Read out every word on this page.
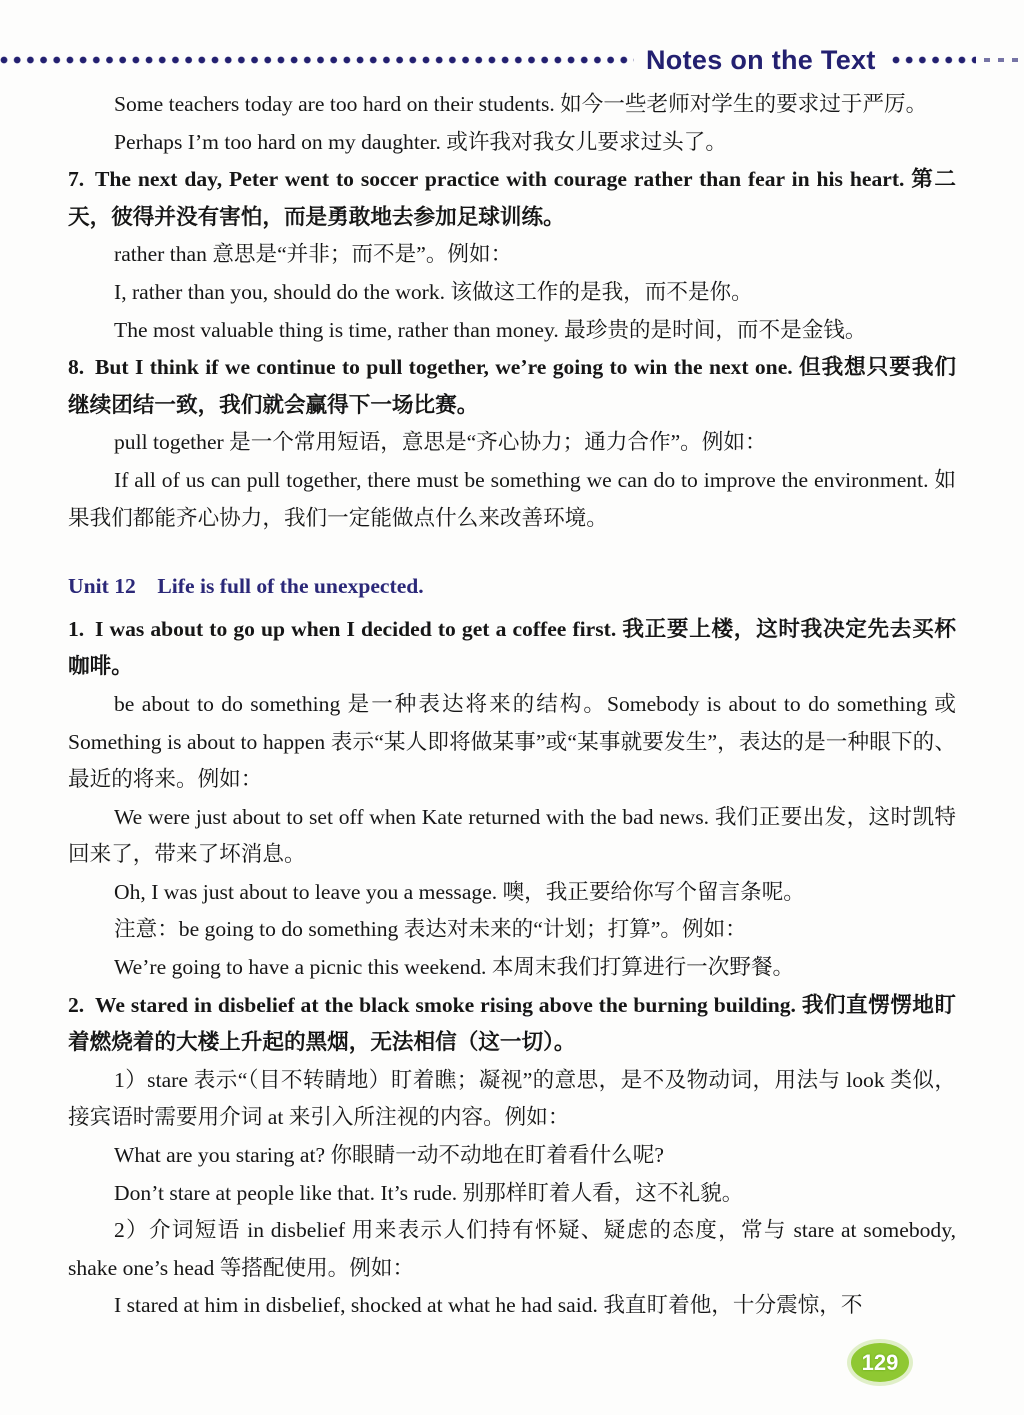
Notes on the Text

Some teachers today are too hard on their students. 如今一些老师对学生的要求过于严厉。

Perhaps I’m too hard on my daughter. 或许我对我女儿要求过头了。

7. The next day, Peter went to soccer practice with courage rather than fear in his heart. 第二天，彼得并没有害怕，而是勇敢地去参加足球训练。

rather than 意思是“并非；而不是”。例如：

I, rather than you, should do the work. 该做这工作的是我，而不是你。

The most valuable thing is time, rather than money. 最珍贵的是时间，而不是金钱。

8. But I think if we continue to pull together, we’re going to win the next one. 但我想只要我们继续团结一致，我们就会赢得下一场比赛。

pull together 是一个常用短语，意思是“齐心协力；通力合作”。例如：

If all of us can pull together, there must be something we can do to improve the environment. 如果我们都能齐心协力，我们一定能做点什么来改善环境。

Unit 12 Life is full of the unexpected.

1. I was about to go up when I decided to get a coffee first. 我正要上楼，这时我决定先去买杯咖啡。

be about to do something 是一种表达将来的结构。Somebody is about to do something 或 Something is about to happen 表示“某人即将做某事”或“某事就要发生”，表达的是一种眼下的、最近的将来。例如：

We were just about to set off when Kate returned with the bad news. 我们正要出发，这时凯特回来了，带来了坏消息。

Oh, I was just about to leave you a message. 噢，我正要给你写个留言条呢。

注意：be going to do something 表达对未来的“计划；打算”。例如：

We’re going to have a picnic this weekend. 本周末我们打算进行一次野餐。

2. We stared in disbelief at the black smoke rising above the burning building. 我们直愣愣地盯着燃烧着的大楼上升起的黑烟，无法相信（这一切）。

1）stare 表示“（目不转睛地）盯着瞧；凝视”的意思，是不及物动词，用法与 look 类似，接宾语时需要用介词 at 来引入所注视的内容。例如：

What are you staring at? 你眼睛一动不动地在盯着看什么呢?

Don’t stare at people like that. It’s rude. 别那样盯着人看，这不礼貌。

2）介词短语 in disbelief 用来表示人们持有怀疑、疑虑的态度，常与 stare at somebody, shake one’s head 等搭配使用。例如：

I stared at him in disbelief, shocked at what he had said. 我直盯着他，十分震惊，不

129
